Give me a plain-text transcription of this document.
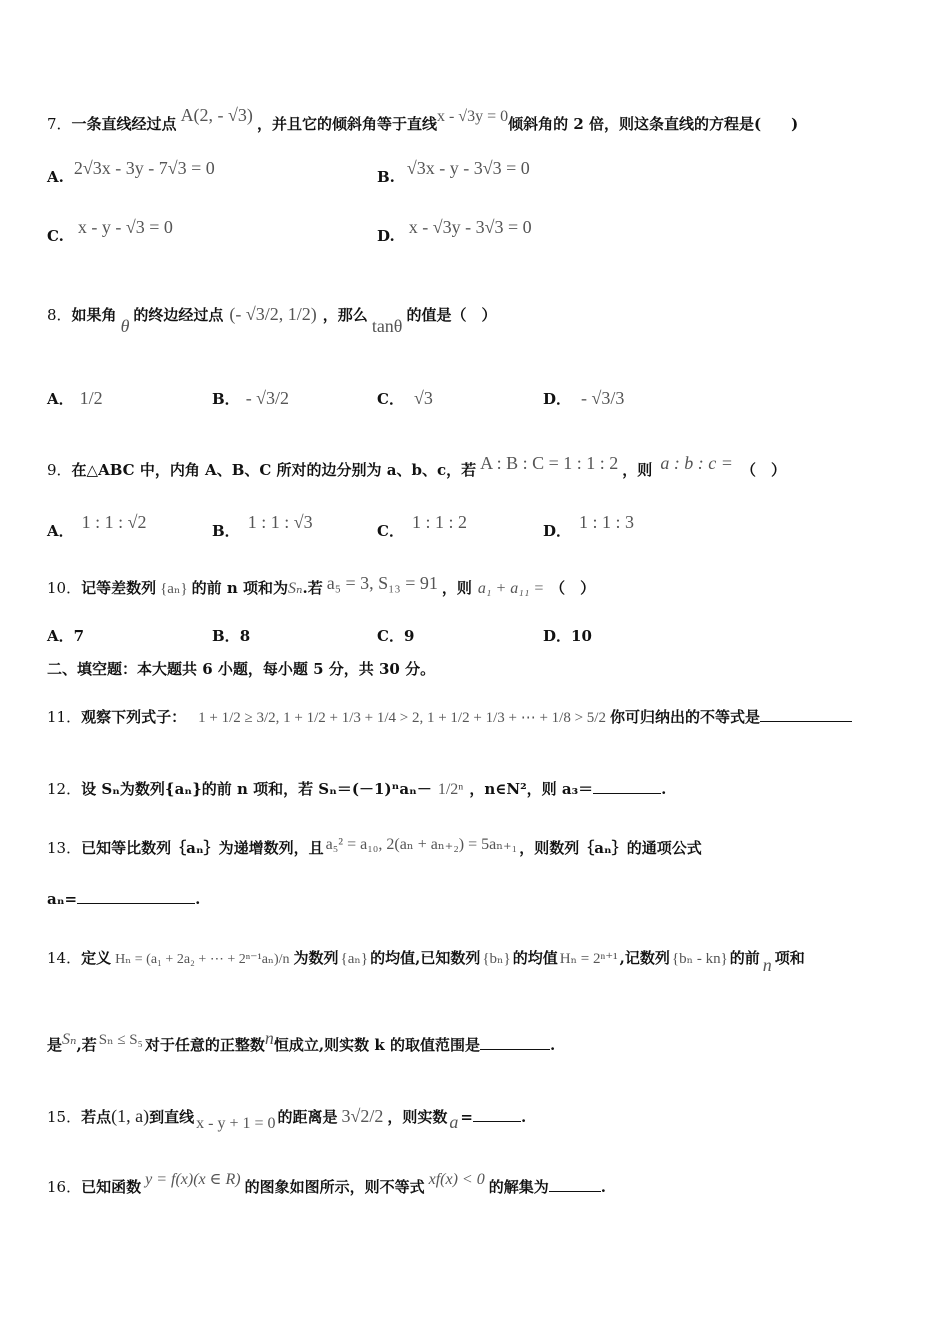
7．一条直线经过点 A(2, - √3) ，并且它的倾斜角等于直线x - √3y = 0倾斜角的 2 倍，则这条直线的方程是(　　)
A. 2√3x - 3y - 7√3 = 0	B. √3x - y - 3√3 = 0
C. x - y - √3 = 0	D. x - √3y - 3√3 = 0
8．如果角θ的终边经过点 (- √3/2, 1/2) ，那么tanθ的值是（　）
A． 1/2	B． - √3/2	C． √3	D． - √3/3
9．在△ABC 中，内角 A、B、C 所对的边分别为 a、b、c，若 A : B : C = 1 : 1 : 2 ，则 a : b : c = （　）
A． 1 : 1 : √2	B． 1 : 1 : √3	C． 1 : 1 : 2	D． 1 : 1 : 3
10．记等差数列 {aₙ} 的前 n 项和为Sₙ.若 a₅ = 3, S₁₃ = 91 ，则 a₁ + a₁₁ = （　）
A．7	B．8	C．9	D．10
二、填空题：本大题共 6 小题，每小题 5 分，共 30 分。
11．观察下列式子： 1 + 1/2 ≥ 3/2, 1 + 1/2 + 1/3 + 1/4 > 2, 1 + 1/2 + 1/3 + ⋯ + 1/8 > 5/2 你可归纳出的不等式是
12．设 Sₙ为数列{aₙ}的前 n 项和，若 Sₙ＝(－1)ⁿaₙ－ 1/2ⁿ ，n∈N²，则 a₃＝	.
13．已知等比数列｛aₙ｝为递增数列，且 a₅² = a₁₀, 2(aₙ + aₙ₊₂) = 5aₙ₊₁ ，则数列｛aₙ｝的通项公式
aₙ=	.
14．定义 Hₙ = (a₁ + 2a₂ + ⋯ + 2ⁿ⁻¹aₙ)/n 为数列 {aₙ} 的均值,已知数列 {bₙ} 的均值 Hₙ = 2ⁿ⁺¹ ,记数列 {bₙ - kn} 的前 n 项和
是Sₙ,若 Sₙ ≤ S₅ 对于任意的正整数n恒成立,则实数 k 的取值范围是	.
15．若点(1, a)到直线 x - y + 1 = 0 的距离是 3√2/2 ，则实数 a =	.
16．已知函数 y = f(x)(x ∈ R) 的图象如图所示，则不等式 xf(x) < 0 的解集为	.
